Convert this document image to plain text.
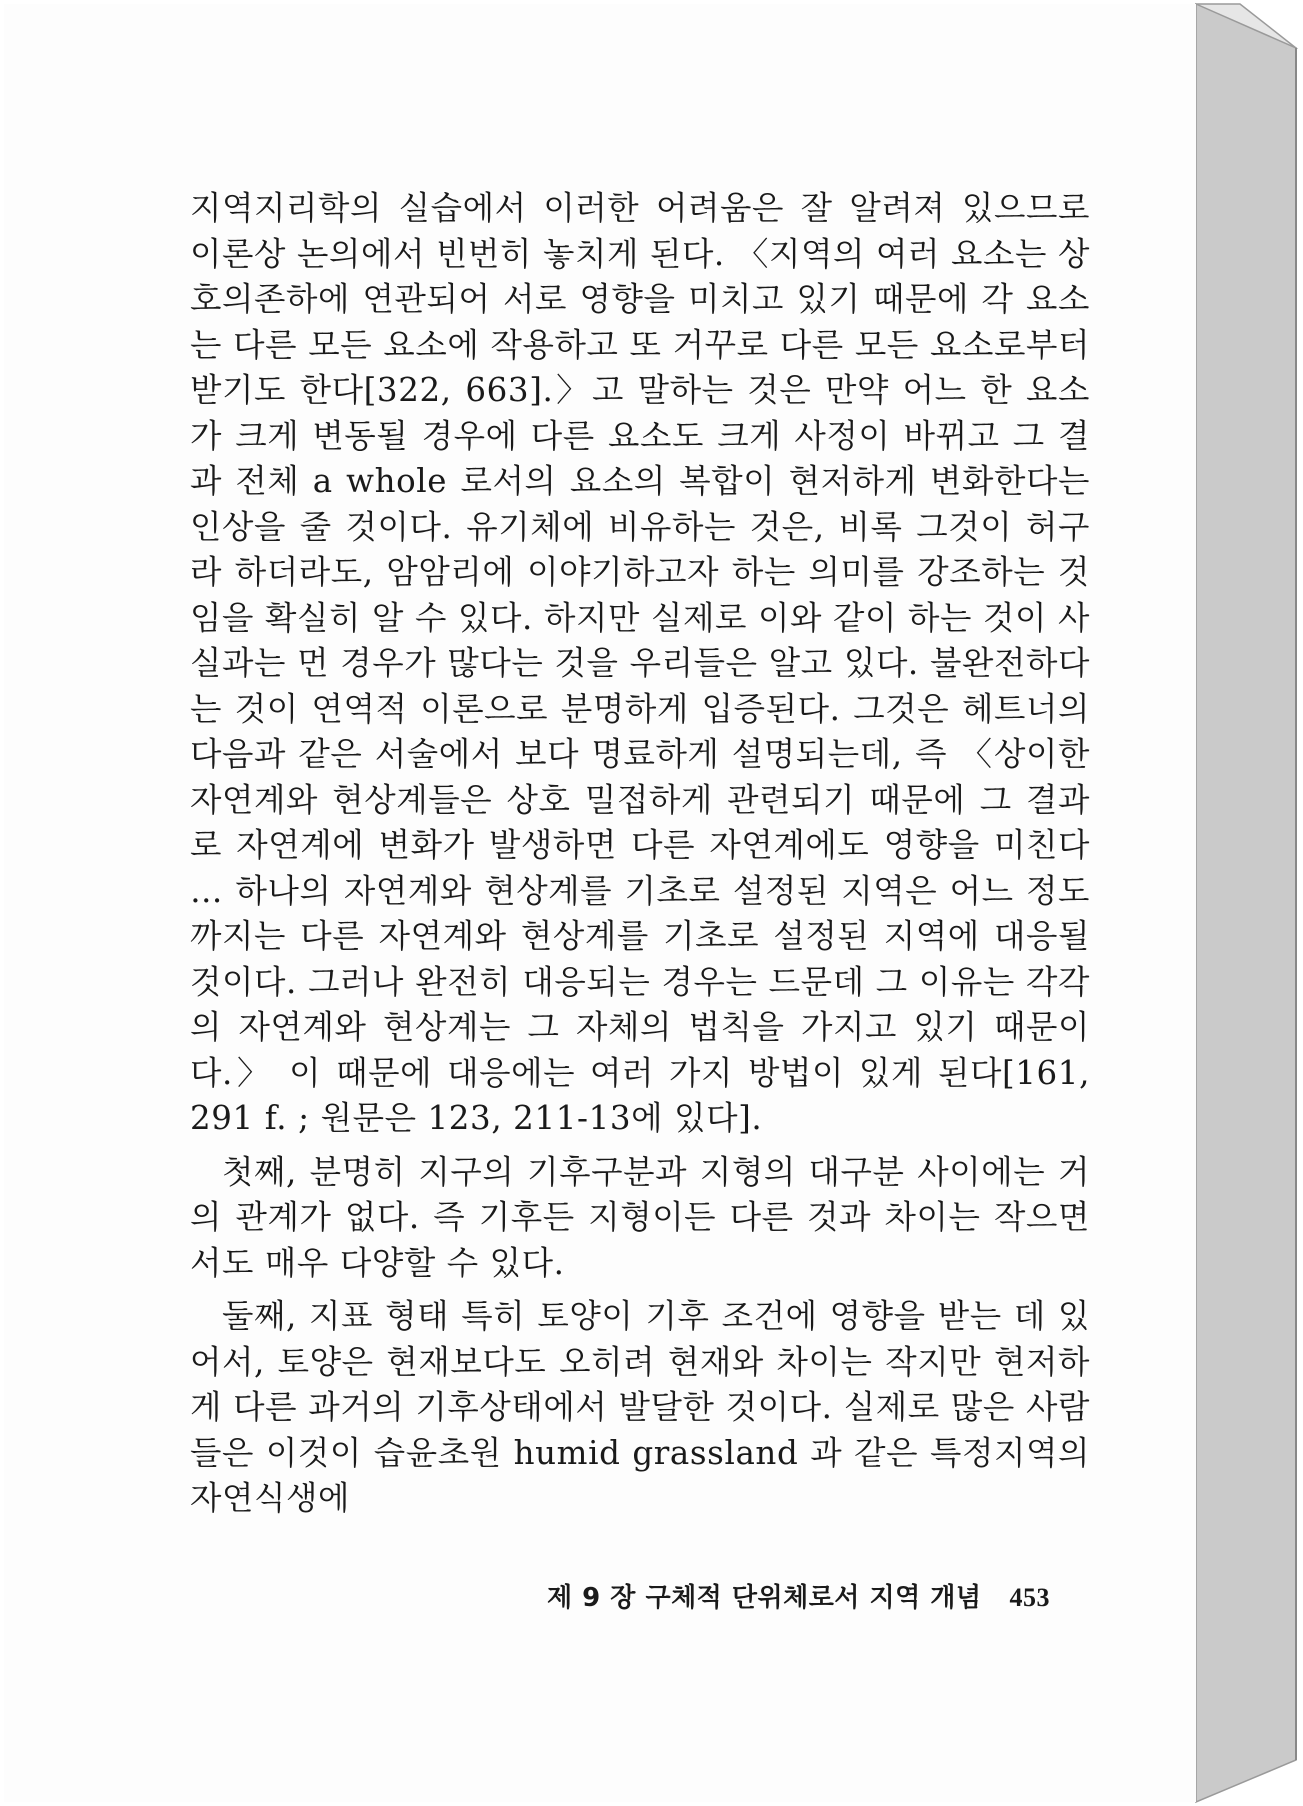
지역지리학의 실습에서 이러한 어려움은 잘 알려져 있으므로 이론상 논의에서 빈번히 놓치게 된다. 〈지역의 여러 요소는 상호의존하에 연관되어 서로 영향을 미치고 있기 때문에 각 요소는 다른 모든 요소에 작용하고 또 거꾸로 다른 모든 요소로부터 받기도 한다[322, 663].〉고 말하는 것은 만약 어느 한 요소가 크게 변동될 경우에 다른 요소도 크게 사정이 바뀌고 그 결과 전체 a whole 로서의 요소의 복합이 현저하게 변화한다는 인상을 줄 것이다. 유기체에 비유하는 것은, 비록 그것이 허구라 하더라도, 암암리에 이야기하고자 하는 의미를 강조하는 것임을 확실히 알 수 있다. 하지만 실제로 이와 같이 하는 것이 사실과는 먼 경우가 많다는 것을 우리들은 알고 있다. 불완전하다는 것이 연역적 이론으로 분명하게 입증된다. 그것은 헤트너의 다음과 같은 서술에서 보다 명료하게 설명되는데, 즉 〈상이한 자연계와 현상계들은 상호 밀접하게 관련되기 때문에 그 결과로 자연계에 변화가 발생하면 다른 자연계에도 영향을 미친다 … 하나의 자연계와 현상계를 기초로 설정된 지역은 어느 정도까지는 다른 자연계와 현상계를 기초로 설정된 지역에 대응될 것이다. 그러나 완전히 대응되는 경우는 드문데 그 이유는 각각의 자연계와 현상계는 그 자체의 법칙을 가지고 있기 때문이다.〉 이 때문에 대응에는 여러 가지 방법이 있게 된다[161, 291 f. ; 원문은 123, 211-13에 있다].

첫째, 분명히 지구의 기후구분과 지형의 대구분 사이에는 거의 관계가 없다. 즉 기후든 지형이든 다른 것과 차이는 작으면서도 매우 다양할 수 있다.

둘째, 지표 형태 특히 토양이 기후 조건에 영향을 받는 데 있어서, 토양은 현재보다도 오히려 현재와 차이는 작지만 현저하게 다른 과거의 기후상태에서 발달한 것이다. 실제로 많은 사람들은 이것이 습윤초원 humid grassland 과 같은 특정지역의 자연식생에

제 9 장 구체적 단위체로서 지역 개념 453
